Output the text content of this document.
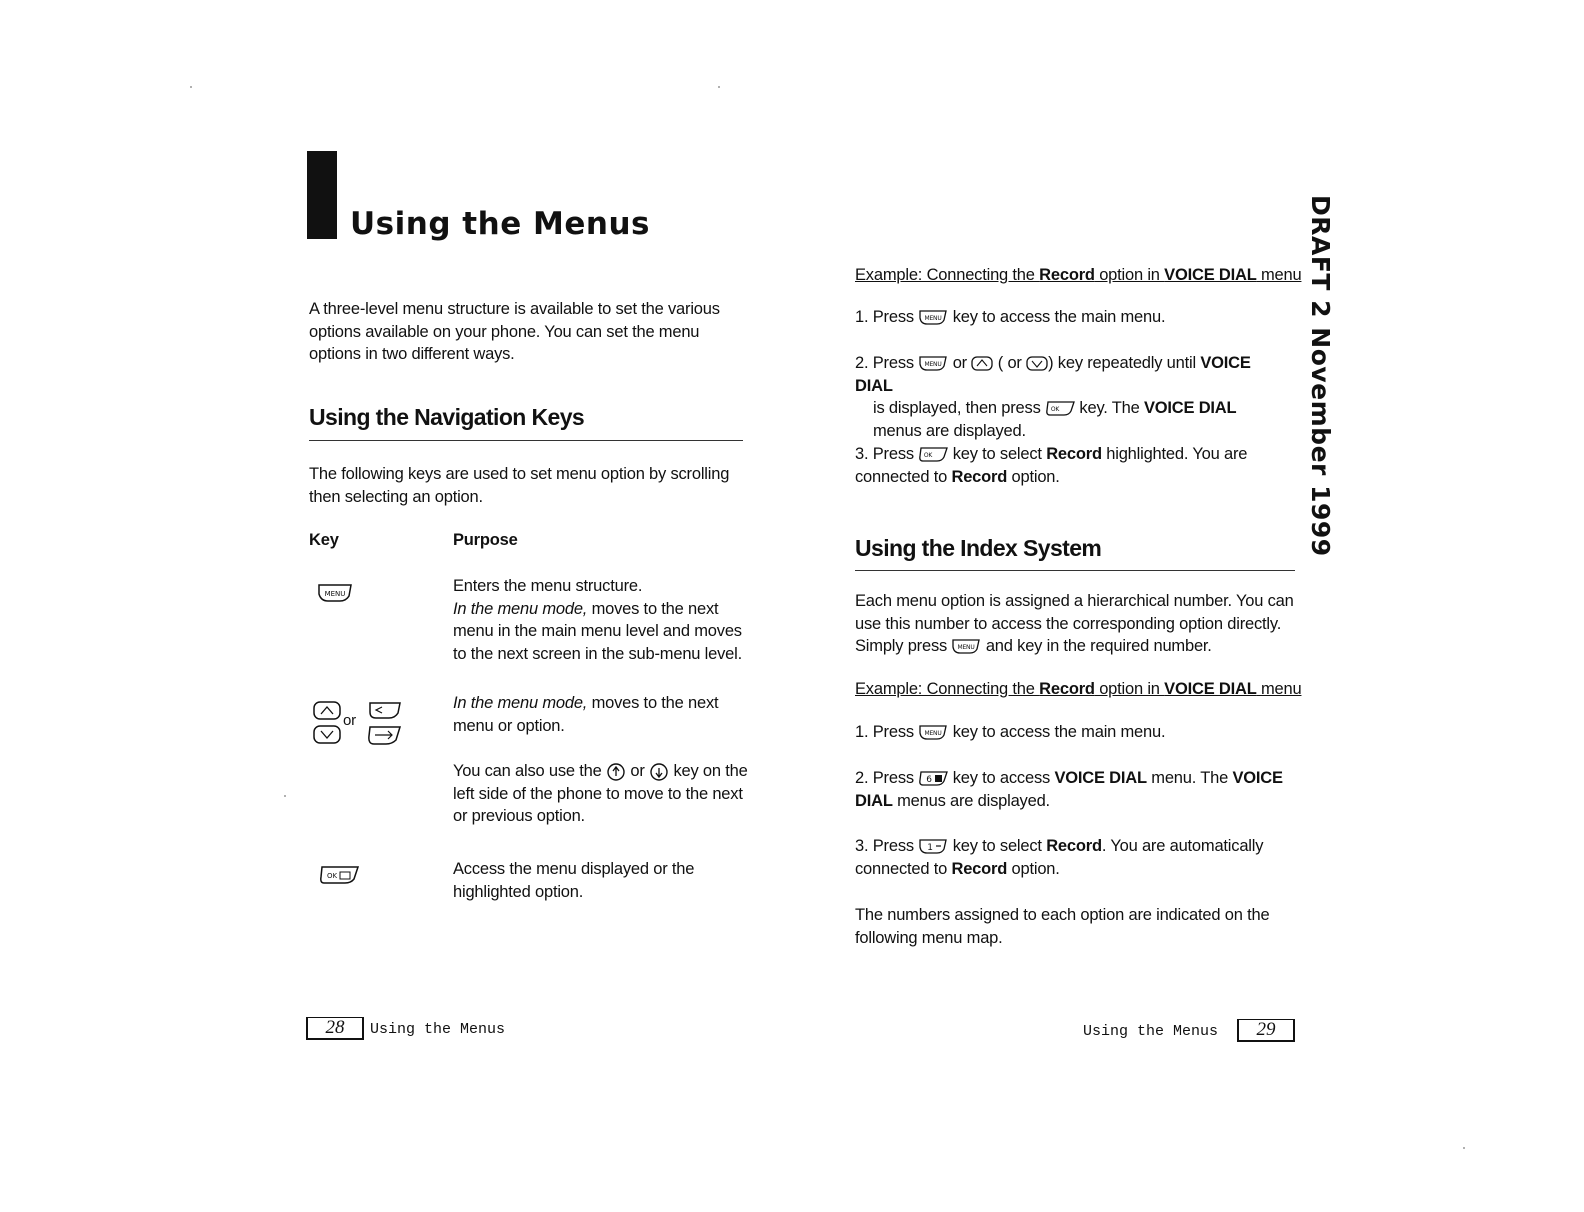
Using the Menus
A three-level menu structure is available to set the various options available on your phone. You can set the menu options in two different ways.
Using the Navigation Keys
The following keys are used to set menu option by scrolling then selecting an option.
Key	Purpose
MENU	Enters the menu structure.
In the menu mode, moves to the next menu in the main menu level and moves to the next screen in the sub-menu level.
or
In the menu mode, moves to the next menu or option.
You can also use the or key on the left side of the phone to move to the next or previous option.
OK	Access the menu displayed or the highlighted option.
28	Using the Menus
Example: Connecting the Record option in VOICE DIAL menu
1. Press MENU key to access the main menu.
2. Press MENU or ( or ) key repeatedly until VOICE DIAL
is displayed, then press OK key. The VOICE DIAL menus are displayed.
3. Press OK key to select Record highlighted. You are connected to Record option.
Using the Index System
Each menu option is assigned a hierarchical number. You can use this number to access the corresponding option directly. Simply press MENU and key in the required number.
Example: Connecting the Record option in VOICE DIAL menu
1. Press MENU key to access the main menu.
2. Press 6 key to access VOICE DIAL menu. The VOICE DIAL menus are displayed.
3. Press 1 key to select Record. You are automatically connected to Record option.
The numbers assigned to each option are indicated on the following menu map.
Using the Menus	29
DRAFT 2 November 1999
